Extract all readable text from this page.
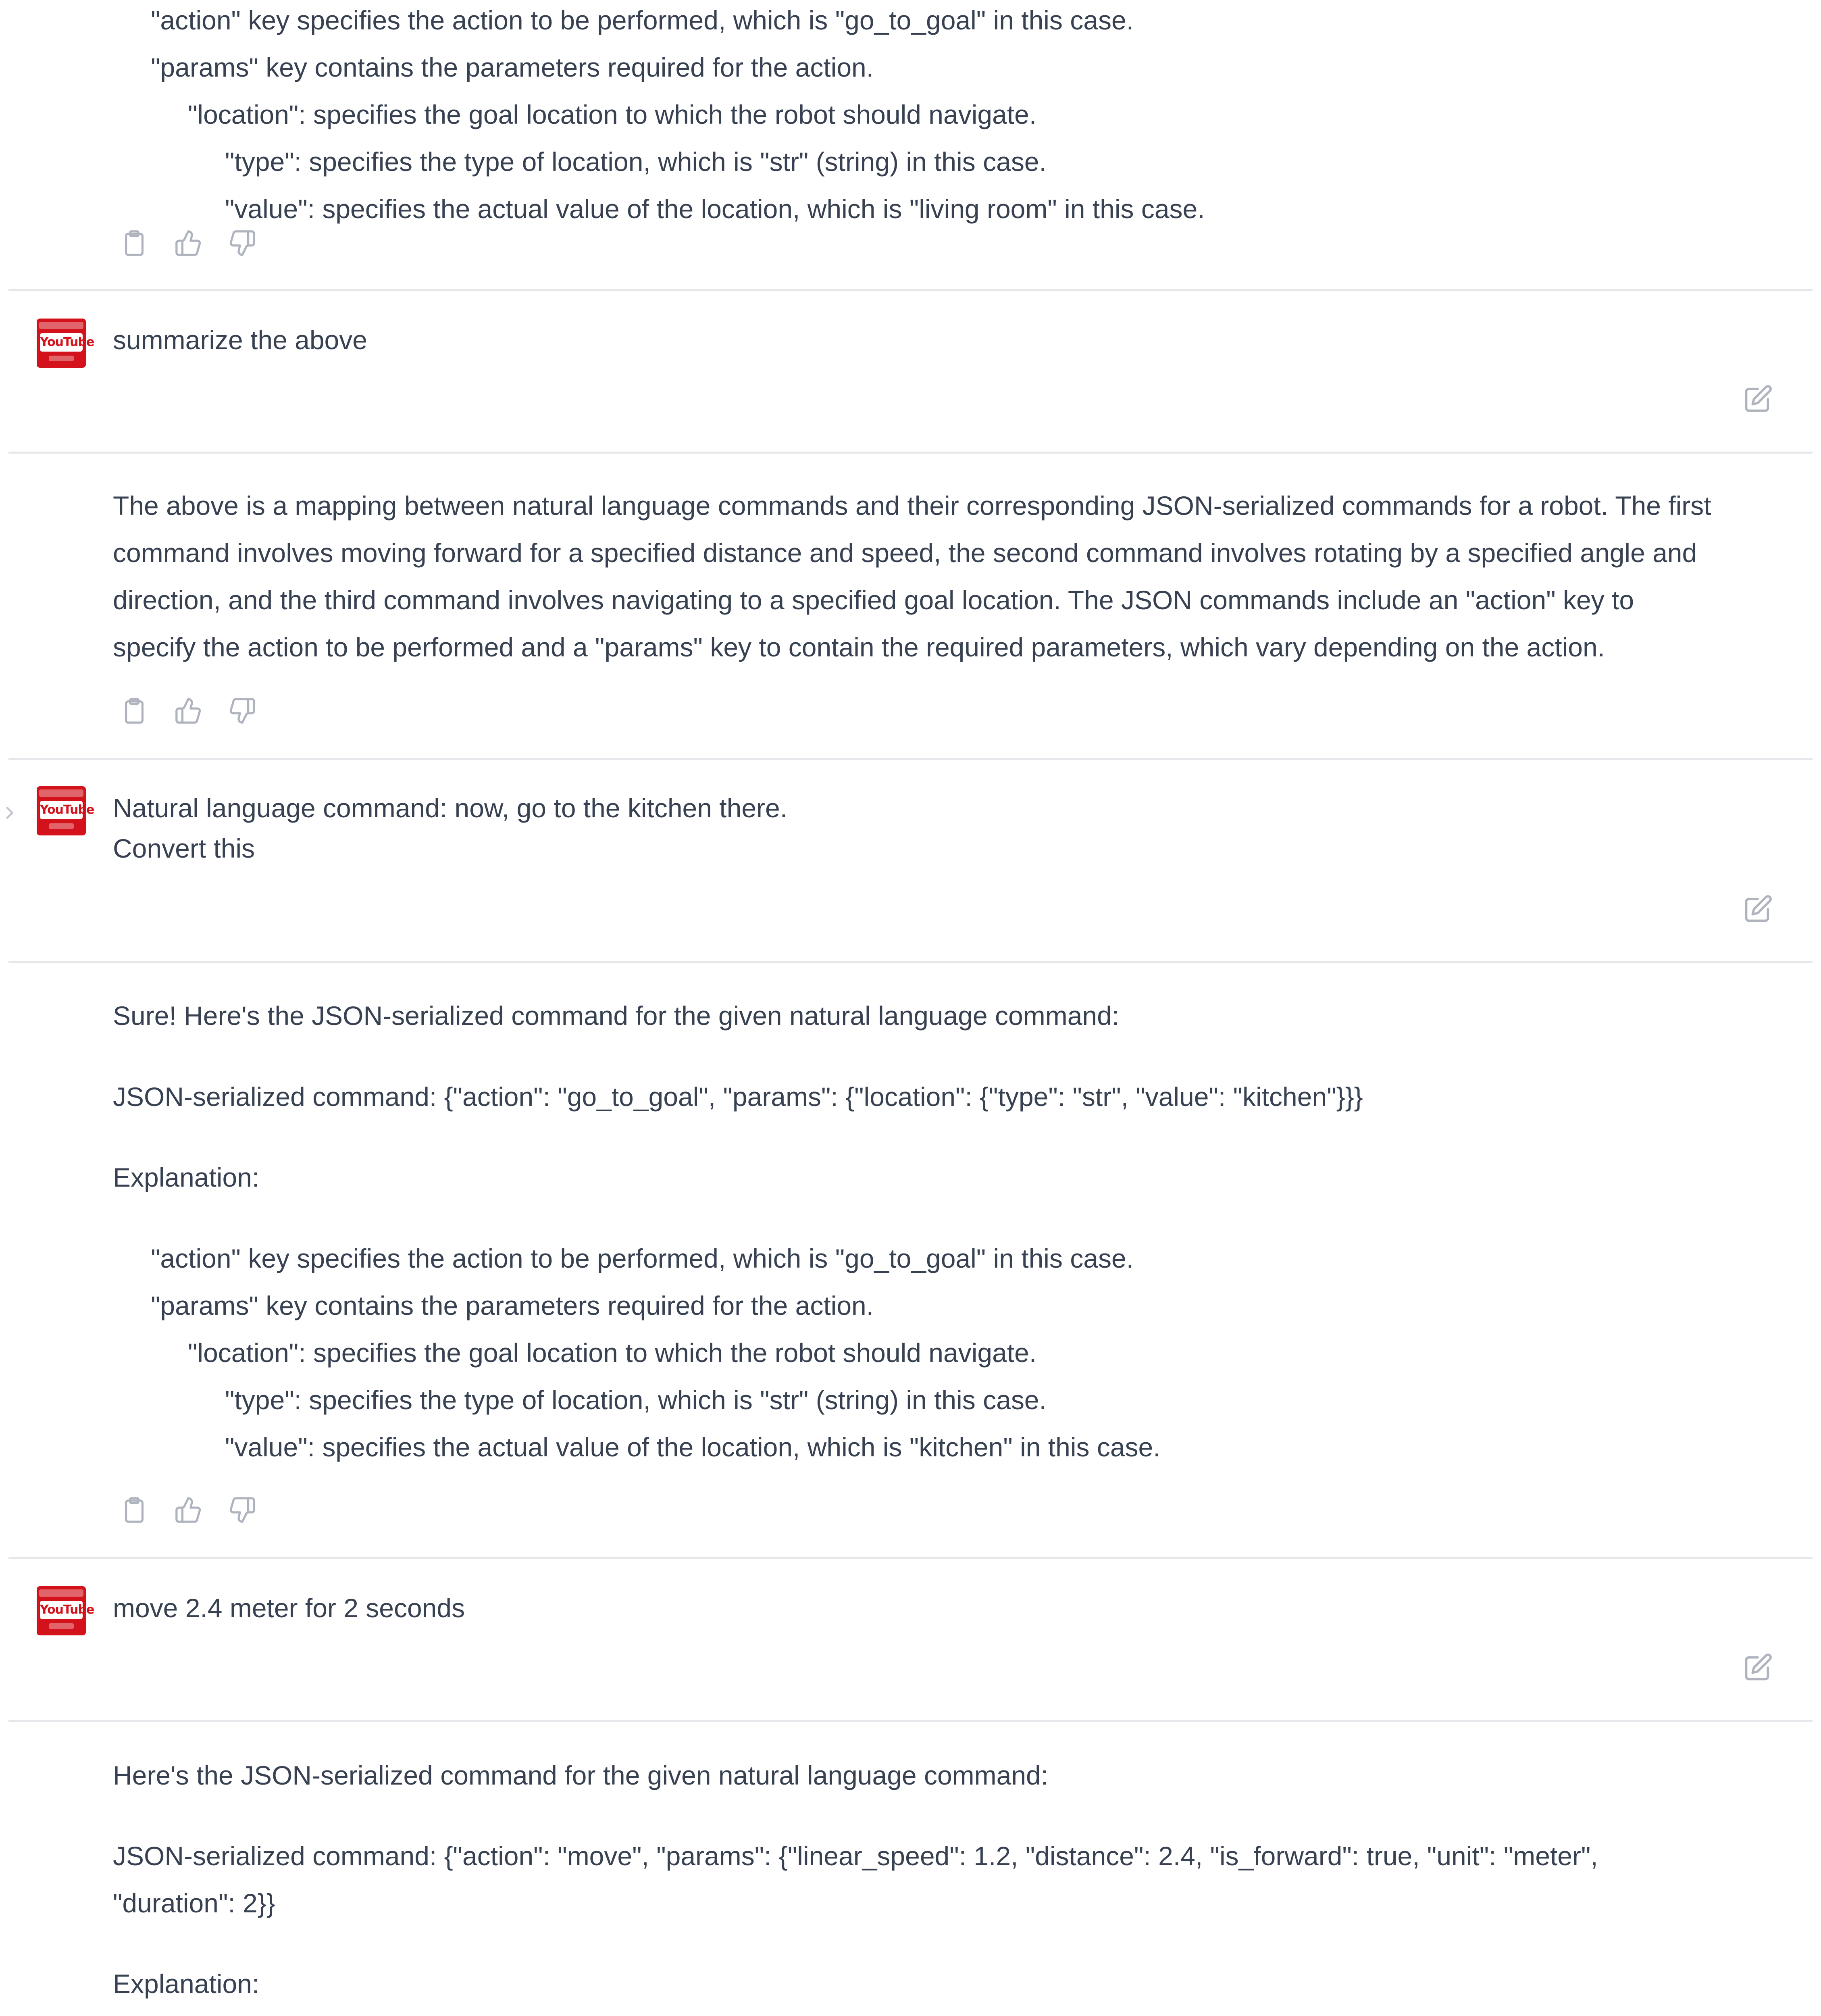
"action" key specifies the action to be performed, which is "go_to_goal" in this case.
"params" key contains the parameters required for the action.
"location": specifies the goal location to which the robot should navigate.
"type": specifies the type of location, which is "str" (string) in this case.
"value": specifies the actual value of the location, which is "living room" in this case.
YouTube summarize the above
The above is a mapping between natural language commands and their corresponding JSON-serialized commands for a robot. The first
command involves moving forward for a specified distance and speed, the second command involves rotating by a specified angle and
direction, and the third command involves navigating to a specified goal location. The JSON commands include an "action" key to
specify the action to be performed and a "params" key to contain the required parameters, which vary depending on the action.
YouTube Natural language command: now, go to the kitchen there.
Convert this
Sure! Here's the JSON-serialized command for the given natural language command:
JSON-serialized command: {"action": "go_to_goal", "params": {"location": {"type": "str", "value": "kitchen"}}}
Explanation:
"action" key specifies the action to be performed, which is "go_to_goal" in this case.
"params" key contains the parameters required for the action.
"location": specifies the goal location to which the robot should navigate.
"type": specifies the type of location, which is "str" (string) in this case.
"value": specifies the actual value of the location, which is "kitchen" in this case.
YouTube move 2.4 meter for 2 seconds
Here's the JSON-serialized command for the given natural language command:
JSON-serialized command: {"action": "move", "params": {"linear_speed": 1.2, "distance": 2.4, "is_forward": true, "unit": "meter",
"duration": 2}}
Explanation:
